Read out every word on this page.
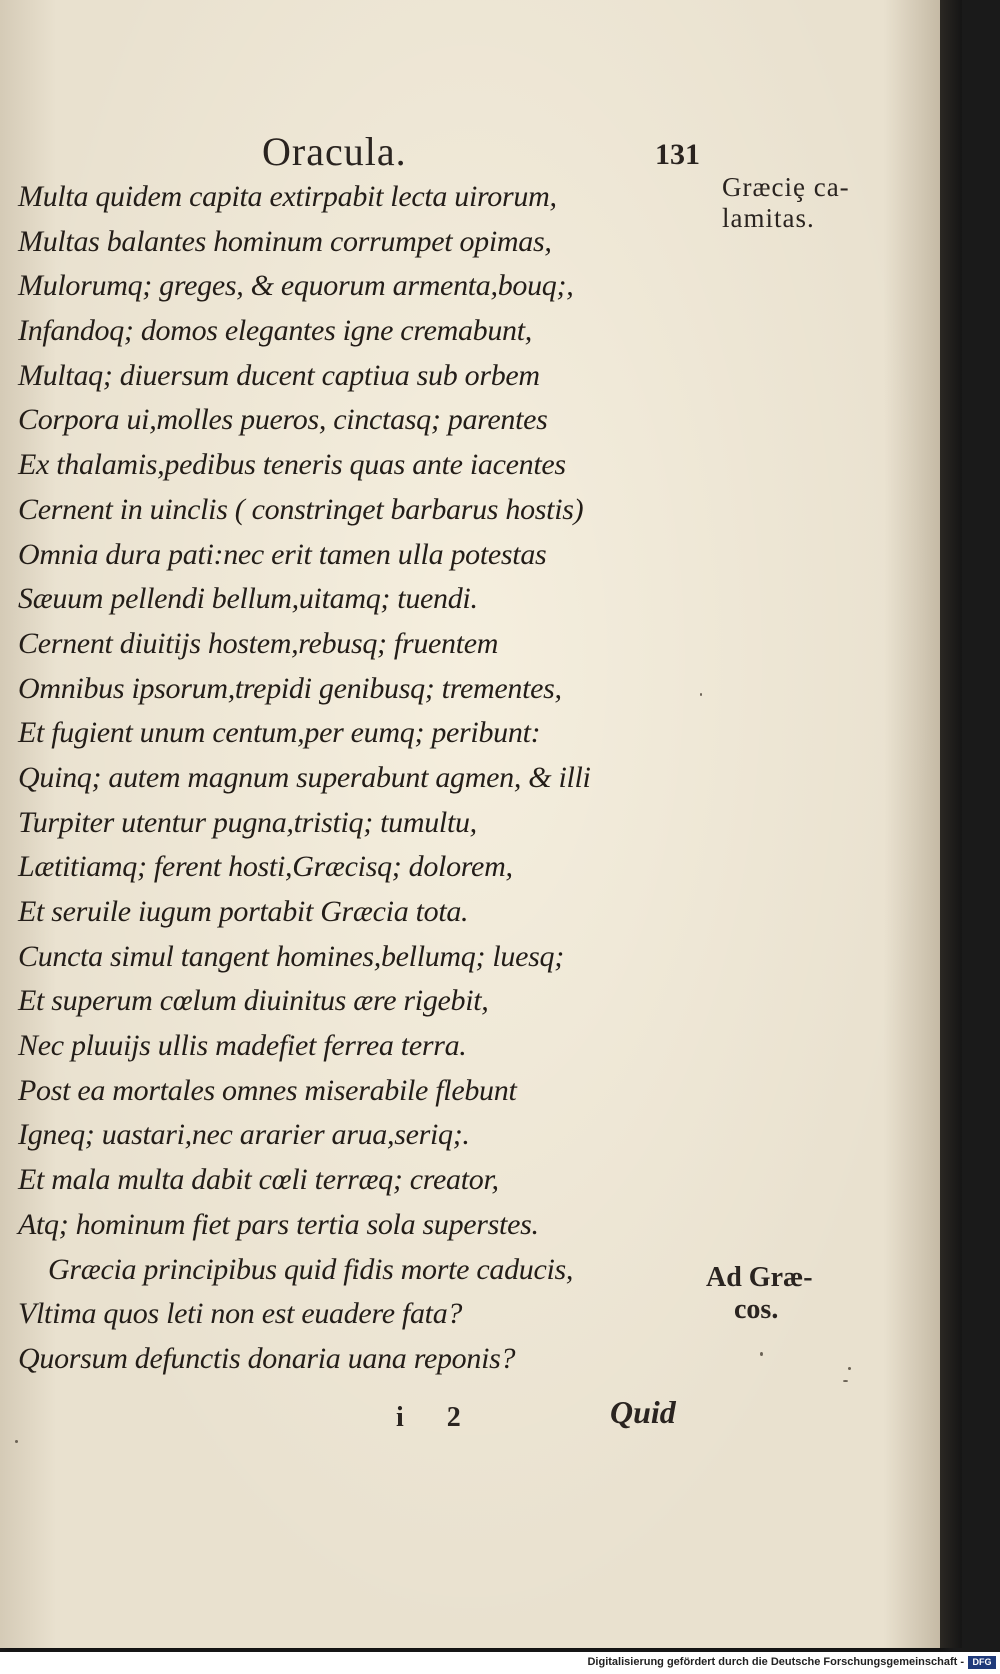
Oracula.	131
Multa quidem capita extirpabit lecta uirorum,
Multas balantes hominum corrumpet opimas,
Mulorumq; greges, & equorum armenta,bouq;,
Infandoq; domos elegantes igne cremabunt,
Multaq; diuersum ducent captiua sub orbem
Corpora ui,molles pueros, cinctasq; parentes
Ex thalamis,pedibus teneris quas ante iacentes
Cernent in uinclis ( constringet barbarus hostis)
Omnia dura pati:nec erit tamen ulla potestas
Sæuum pellendi bellum,uitamq; tuendi.
Cernent diuitijs hostem,rebusq; fruentem
Omnibus ipsorum,trepidi genibusq; trementes,
Et fugient unum centum,per eumq; peribunt:
Quinq; autem magnum superabunt agmen, & illi
Turpiter utentur pugna,tristiq; tumultu,
Lætitiamq; ferent hosti,Græcisq; dolorem,
Et seruile iugum portabit Græcia tota.
Cuncta simul tangent homines,bellumq; luesq;
Et superum cœlum diuinitus ære rigebit,
Nec pluuijs ullis madefiet ferrea terra.
Post ea mortales omnes miserabile flebunt
Igneq; uastari,nec ararier arua,seriq;.
Et mala multa dabit cœli terræq; creator,
Atq; hominum fiet pars tertia sola superstes.
Græcia principibus quid fidis morte caducis,
Vltima quos leti non est euadere fata?
Quorsum defunctis donaria uana reponis?
Græciȩ ca-
lamitas.
Ad Græ-
cos.
i 2	Quid
Digitalisierung gefördert durch die Deutsche Forschungsgemeinschaft - DFG
